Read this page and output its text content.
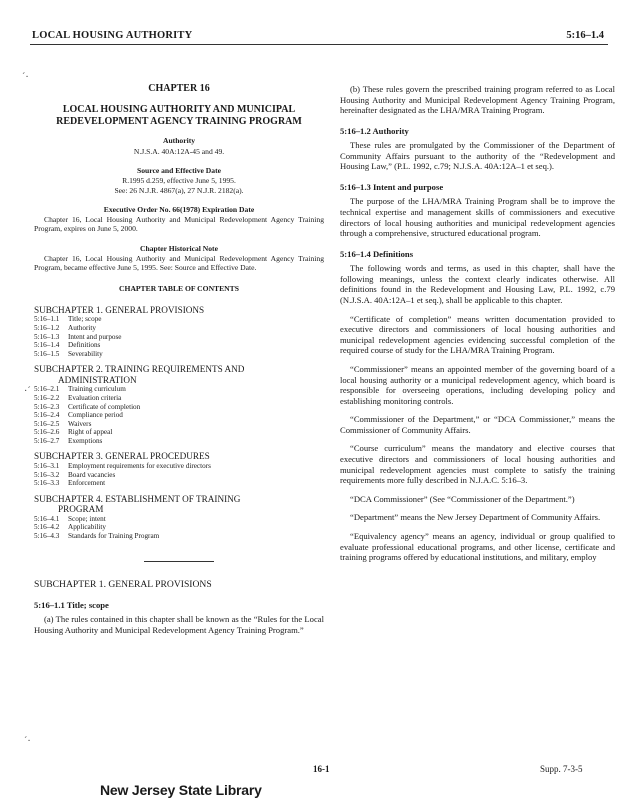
LOCAL HOUSING AUTHORITY	5:16–1.4
´·
·´
´·
CHAPTER 16
LOCAL HOUSING AUTHORITY AND MUNICIPAL REDEVELOPMENT AGENCY TRAINING PROGRAM
Authority
N.J.S.A. 40A:12A-45 and 49.
Source and Effective Date
R.1995 d.259, effective June 5, 1995.
See: 26 N.J.R. 4867(a), 27 N.J.R. 2182(a).
Executive Order No. 66(1978) Expiration Date
Chapter 16, Local Housing Authority and Municipal Redevelopment Agency Training Program, expires on June 5, 2000.
Chapter Historical Note
Chapter 16, Local Housing Authority and Municipal Redevelopment Agency Training Program, became effective June 5, 1995. See: Source and Effective Date.
CHAPTER TABLE OF CONTENTS
SUBCHAPTER 1. GENERAL PROVISIONS
5:16–1.1	Title; scope
5:16–1.2	Authority
5:16–1.3	Intent and purpose
5:16–1.4	Definitions
5:16–1.5	Severability
SUBCHAPTER 2. TRAINING REQUIREMENTS AND
ADMINISTRATION
5:16–2.1	Training curriculum
5:16–2.2	Evaluation criteria
5:16–2.3	Certificate of completion
5:16–2.4	Compliance period
5:16–2.5	Waivers
5:16–2.6	Right of appeal
5:16–2.7	Exemptions
SUBCHAPTER 3. GENERAL PROCEDURES
5:16–3.1	Employment requirements for executive directors
5:16–3.2	Board vacancies
5:16–3.3	Enforcement
SUBCHAPTER 4. ESTABLISHMENT OF TRAINING
PROGRAM
5:16–4.1	Scope; intent
5:16–4.2	Applicability
5:16–4.3	Standards for Training Program
SUBCHAPTER 1. GENERAL PROVISIONS
5:16–1.1 Title; scope
(a) The rules contained in this chapter shall be known as the “Rules for the Local Housing Authority and Municipal Redevelopment Agency Training Program.”
(b) These rules govern the prescribed training program referred to as Local Housing Authority and Municipal Redevelopment Agency Training Program, hereinafter designated as the LHA/MRA Training Program.
5:16–1.2 Authority
These rules are promulgated by the Commissioner of the Department of Community Affairs pursuant to the authority of the “Redevelopment and Housing Law,” (P.L. 1992, c.79; N.J.S.A. 40A:12A–1 et seq.).
5:16–1.3 Intent and purpose
The purpose of the LHA/MRA Training Program shall be to improve the technical expertise and management skills of commissioners and executive directors of local housing authorities and municipal redevelopment agencies through a comprehensive, structured educational program.
5:16–1.4 Definitions
The following words and terms, as used in this chapter, shall have the following meanings, unless the context clearly indicates otherwise. All definitions found in the Redevelopment and Housing Law, P.L. 1992, c.79 (N.J.S.A. 40A:12A–1 et seq.), shall be applicable to this chapter.
“Certificate of completion” means written documentation provided to executive directors and commissioners of local housing authorities and municipal redevelopment agencies evidencing successful completion of the required course of study for the LHA/MRA Training Program.
“Commissioner” means an appointed member of the governing board of a local housing authority or a municipal redevelopment agency, which board is responsible for overseeing operations, including developing policy and establishing monitoring controls.
“Commissioner of the Department,” or “DCA Commissioner,” means the Commissioner of Community Affairs.
“Course curriculum” means the mandatory and elective courses that executive directors and commissioners of local housing authorities and municipal redevelopment agencies must complete to satisfy the training requirements more fully described in N.J.A.C. 5:16–3.
“DCA Commissioner” (See “Commissioner of the Department.”)
“Department” means the New Jersey Department of Community Affairs.
“Equivalency agency” means an agency, individual or group qualified to evaluate professional educational programs, and other license, certificate and training programs offered by educational institutions, and military, employ
16-1	Supp. 7-3-5
New Jersey State Library
